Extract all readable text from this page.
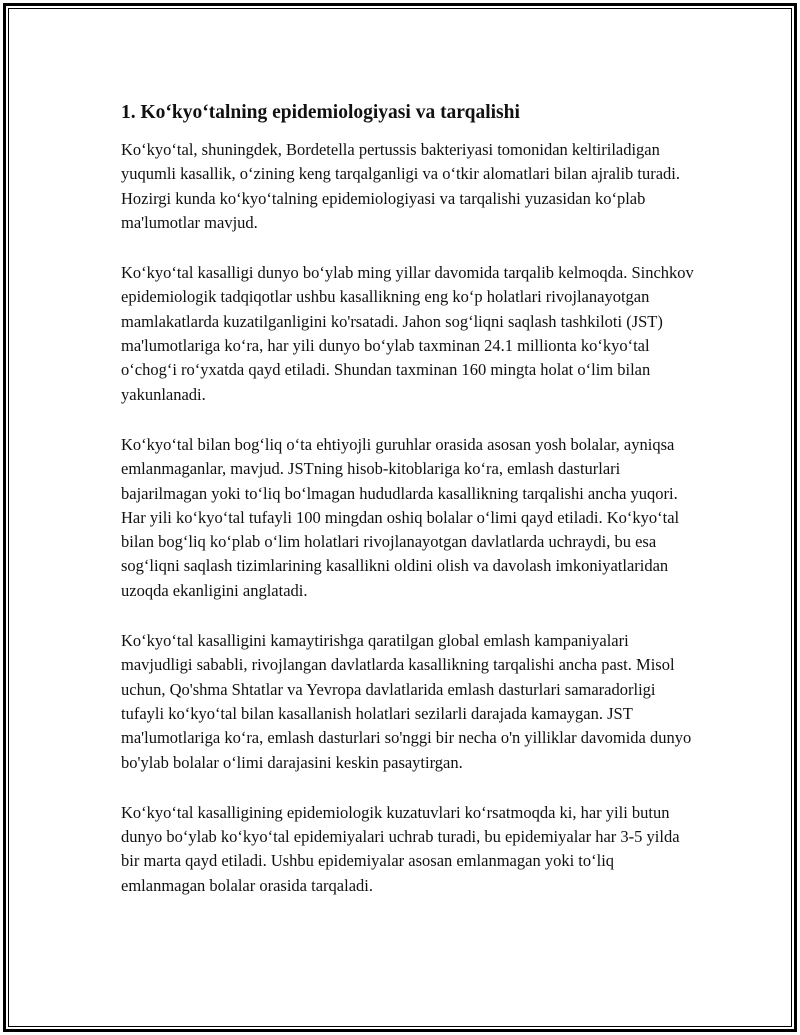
1. Ko‘kyo‘talning epidemiologiyasi va tarqalishi

Ko‘kyo‘tal, shuningdek, Bordetella pertussis bakteriyasi tomonidan keltiriladigan yuqumli kasallik, o‘zining keng tarqalganligi va o‘tkir alomatlari bilan ajralib turadi. Hozirgi kunda ko‘kyo‘talning epidemiologiyasi va tarqalishi yuzasidan ko‘plab ma'lumotlar mavjud.

Ko‘kyo‘tal kasalligi dunyo bo‘ylab ming yillar davomida tarqalib kelmoqda. Sinchkov epidemiologik tadqiqotlar ushbu kasallikning eng ko‘p holatlari rivojlanayotgan mamlakatlarda kuzatilganligini ko'rsatadi. Jahon sog‘liqni saqlash tashkiloti (JST) ma'lumotlariga ko‘ra, har yili dunyo bo‘ylab taxminan 24.1 millionta ko‘kyo‘tal o‘chog‘i ro‘yxatda qayd etiladi. Shundan taxminan 160 mingta holat o‘lim bilan yakunlanadi.

Ko‘kyo‘tal bilan bog‘liq o‘ta ehtiyojli guruhlar orasida asosan yosh bolalar, ayniqsa emlanmaganlar, mavjud. JSTning hisob-kitoblariga ko‘ra, emlash dasturlari bajarilmagan yoki to‘liq bo‘lmagan hududlarda kasallikning tarqalishi ancha yuqori. Har yili ko‘kyo‘tal tufayli 100 mingdan oshiq bolalar o‘limi qayd etiladi. Ko‘kyo‘tal bilan bog‘liq ko‘plab o‘lim holatlari rivojlanayotgan davlatlarda uchraydi, bu esa sog‘liqni saqlash tizimlarining kasallikni oldini olish va davolash imkoniyatlaridan uzoqda ekanligini anglatadi.

Ko‘kyo‘tal kasalligini kamaytirishga qaratilgan global emlash kampaniyalari mavjudligi sababli, rivojlangan davlatlarda kasallikning tarqalishi ancha past. Misol uchun, Qo'shma Shtatlar va Yevropa davlatlarida emlash dasturlari samaradorligi tufayli ko‘kyo‘tal bilan kasallanish holatlari sezilarli darajada kamaygan. JST ma'lumotlariga ko‘ra, emlash dasturlari so'nggi bir necha o'n yilliklar davomida dunyo bo'ylab bolalar o‘limi darajasini keskin pasaytirgan.

Ko‘kyo‘tal kasalligining epidemiologik kuzatuvlari ko‘rsatmoqda ki, har yili butun dunyo bo‘ylab ko‘kyo‘tal epidemiyalari uchrab turadi, bu epidemiyalar har 3-5 yilda bir marta qayd etiladi. Ushbu epidemiyalar asosan emlanmagan yoki to‘liq emlanmagan bolalar orasida tarqaladi.
